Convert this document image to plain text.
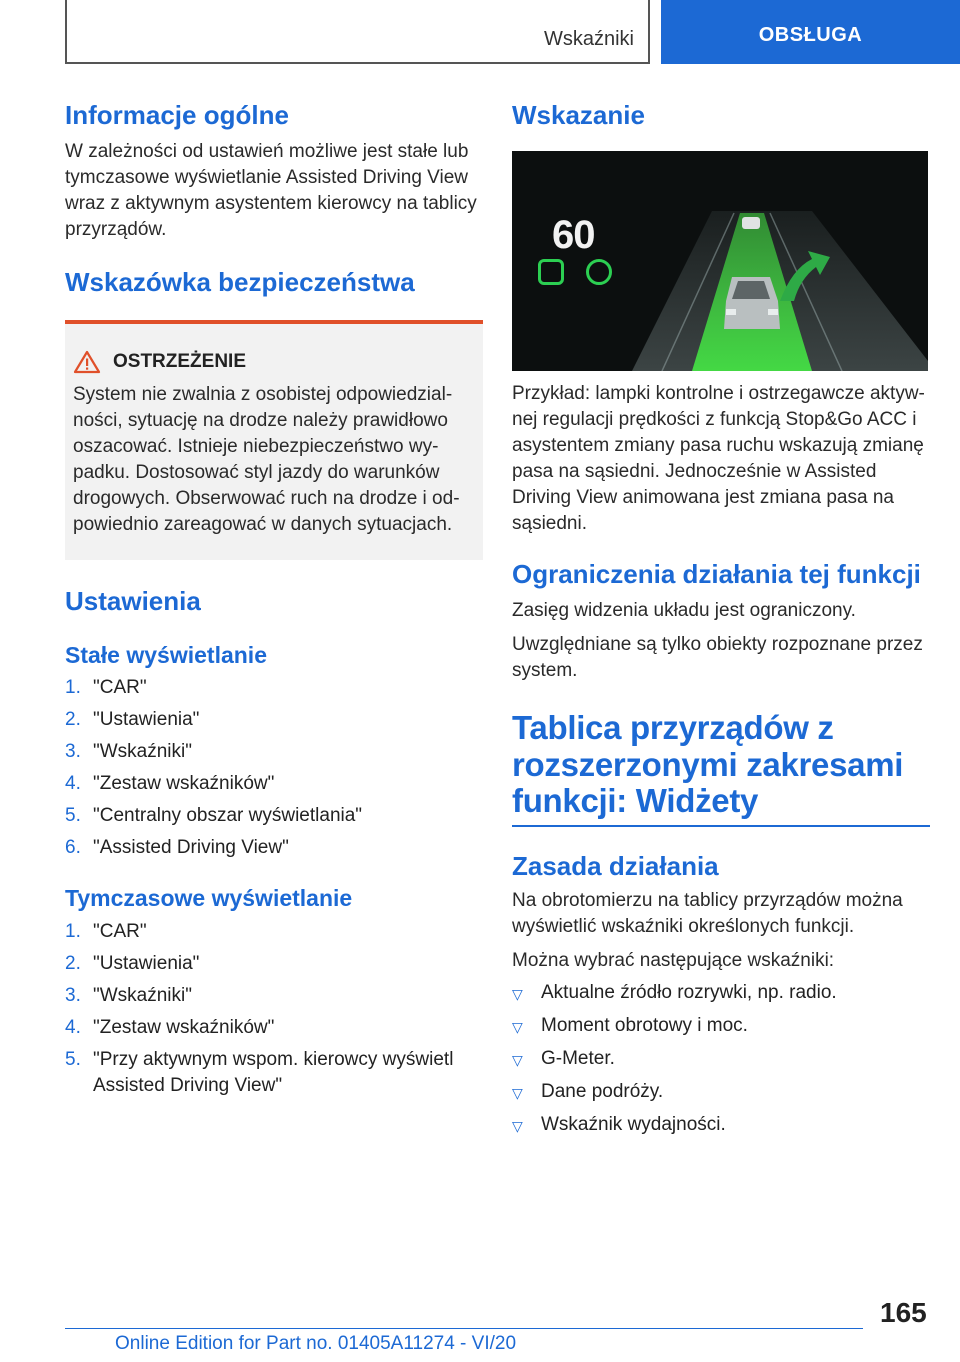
Wskaźniki	OBSŁUGA
Informacje ogólne
W zależności od ustawień możliwe jest stałe lub tymczasowe wyświetlanie Assisted Driving View wraz z aktywnym asystentem kierowcy na tablicy przyrządów.
Wskazówka bezpieczeństwa
OSTRZEŻENIE
System nie zwalnia z osobistej odpowiedzialności, sytuację na drodze należy prawidłowo oszacować. Istnieje niebezpieczeństwo wypadku. Dostosować styl jazdy do warunków drogowych. Obserwować ruch na drodze i odpowiednio zareagować w danych sytuacjach.
Ustawienia
Stałe wyświetlanie
1. "CAR"
2. "Ustawienia"
3. "Wskaźniki"
4. "Zestaw wskaźników"
5. "Centralny obszar wyświetlania"
6. "Assisted Driving View"
Tymczasowe wyświetlanie
1. "CAR"
2. "Ustawienia"
3. "Wskaźniki"
4. "Zestaw wskaźników"
5. "Przy aktywnym wspom. kierowcy wyświetl Assisted Driving View"
Wskazanie
60
Przykład: lampki kontrolne i ostrzegawcze aktywnej regulacji prędkości z funkcją Stop&Go ACC i asystentem zmiany pasa ruchu wskazują zmianę pasa na sąsiedni. Jednocześnie w Assisted Driving View animowana jest zmiana pasa na sąsiedni.
Ograniczenia działania tej funkcji
Zasięg widzenia układu jest ograniczony.
Uwzględniane są tylko obiekty rozpoznane przez system.
Tablica przyrządów z rozszerzonymi zakresami funkcji: Widżety
Zasada działania
Na obrotomierzu na tablicy przyrządów można wyświetlić wskaźniki określonych funkcji.
Można wybrać następujące wskaźniki:
▽ Aktualne źródło rozrywki, np. radio.
▽ Moment obrotowy i moc.
▽ G-Meter.
▽ Dane podróży.
▽ Wskaźnik wydajności.
165
Online Edition for Part no. 01405A11274 - VI/20
